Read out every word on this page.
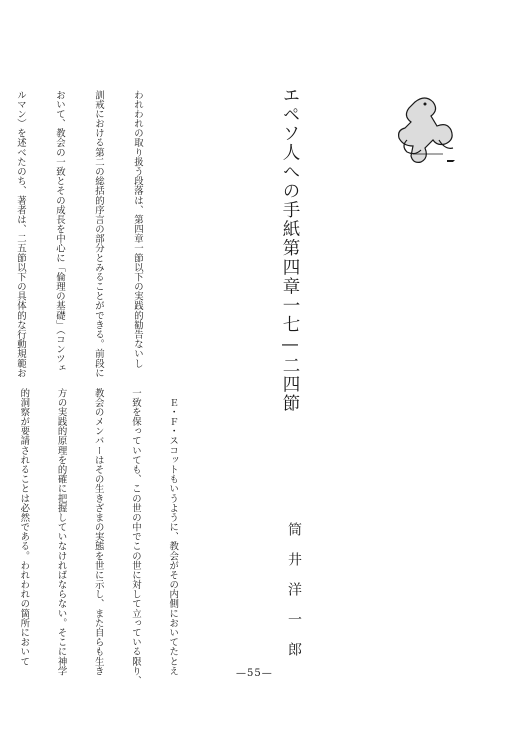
エペソ人への手紙第四章一七—二四節
筒井洋一郎

われわれの取り扱う段落は、第四章一節以下の実践的勧告ないし

訓戒における第二の総括的序言の部分とみることができる。前段に

おいて、教会の一致とその成長を中心に「倫理の基礎」（コンツェ

ルマン）を述べたのち、著者は、二五節以下の具体的な行動規範お

　Ｅ・Ｆ・スコットもいうように、教会がその内側においてたとえ

一致を保っていても、この世の中でこの世に対して立っている限り、

教会のメンバーはその生きざまの実態を世に示し、また自らも生き

方の実践的原理を的確に把握していなければならない。そこに神学

的洞察が要請されることは必然である。われわれの箇所において

—55—
